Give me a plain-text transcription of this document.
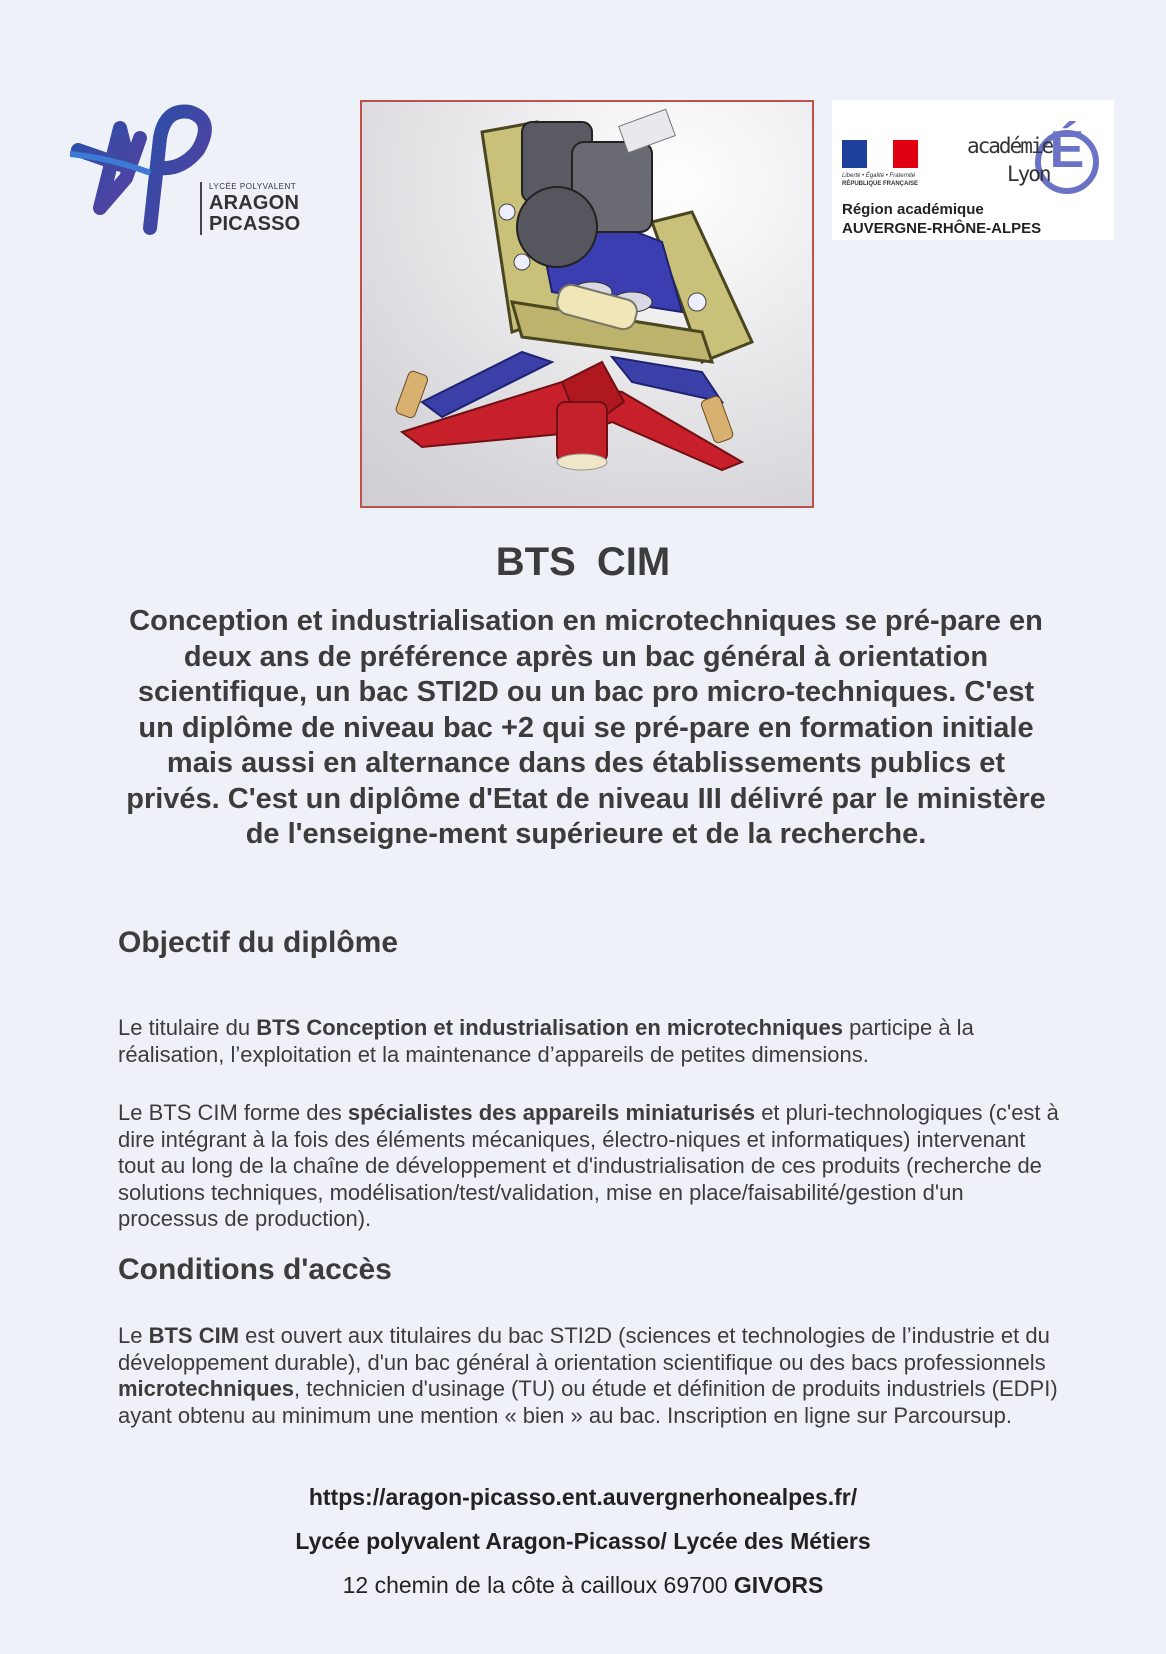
LYCÉE POLYVALENT
ARAGON
PICASSO
Liberté • Égalité • Fraternité
RÉPUBLIQUE FRANÇAISE
É
académie
Lyon
Région académique
AUVERGNE-RHÔNE-ALPES
BTS CIM

Conception et industrialisation en microtechniques se pré-pare en deux ans de préférence après un bac général à orientation scientifique, un bac STI2D ou un bac pro micro-techniques. C'est un diplôme de niveau bac +2 qui se pré-pare en formation initiale mais aussi en alternance dans des établissements publics et privés. C'est un diplôme d'Etat de niveau III délivré par le ministère de l'enseigne-ment supérieure et de la recherche.

Objectif du diplôme

Le titulaire du BTS Conception et industrialisation en microtechniques participe à la réalisation, l’exploitation et la maintenance d’appareils de petites dimensions.

Le BTS CIM forme des spécialistes des appareils miniaturisés et pluri-technologiques (c'est à dire intégrant à la fois des éléments mécaniques, électro-niques et informatiques) intervenant tout au long de la chaîne de développement et d'industrialisation de ces produits (recherche de solutions techniques, modélisation/test/validation, mise en place/faisabilité/gestion d'un processus de production).

Conditions d'accès

Le BTS CIM est ouvert aux titulaires du bac STI2D (sciences et technologies de l’industrie et du développement durable), d'un bac général à orientation scientifique ou des bacs professionnels microtechniques, technicien d'usinage (TU) ou étude et définition de produits industriels (EDPI) ayant obtenu au minimum une mention « bien » au bac. Inscription en ligne sur Parcoursup.

https://aragon-picasso.ent.auvergnerhonealpes.fr/

Lycée polyvalent Aragon-Picasso/ Lycée des Métiers

12 chemin de la côte à cailloux 69700 GIVORS
